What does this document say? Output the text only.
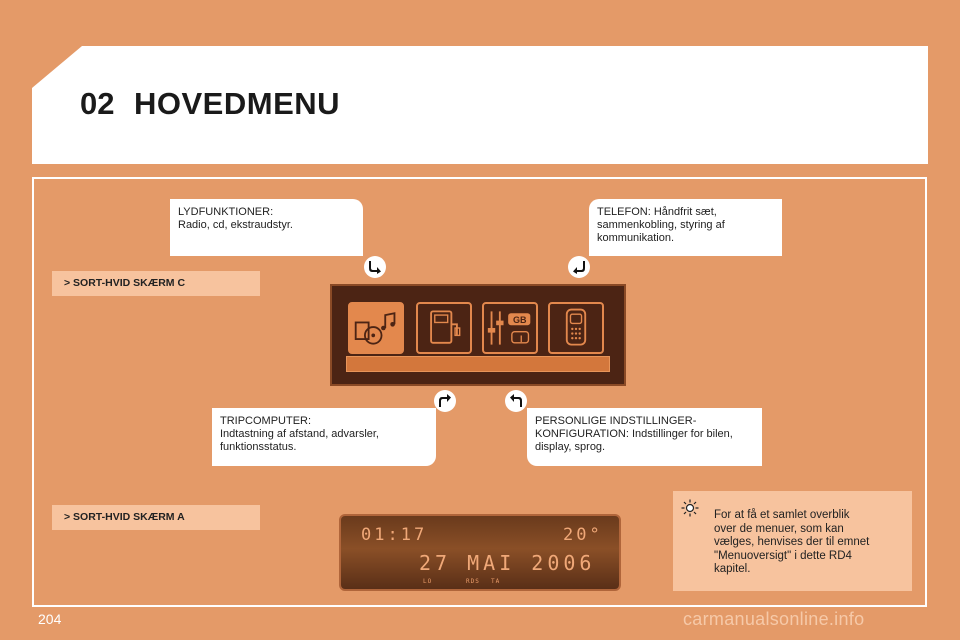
02 HOVEDMENU
LYDFUNKTIONER:
Radio, cd, ekstraudstyr.
TELEFON: Håndfrit sæt,
sammenkobling, styring af
kommunikation.
TRIPCOMPUTER:
Indtastning af afstand, advarsler,
funktionsstatus.
PERSONLIGE INDSTILLINGER-
KONFIGURATION: Indstillinger for bilen,
display, sprog.
> SORT-HVID SKÆRM C
> SORT-HVID SKÆRM A
GB
I
01:17	20°
27 MAI 2006
LO	RDS TA
For at få et samlet overblik
over de menuer, som kan
vælges, henvises der til emnet
"Menuoversigt" i dette RD4
kapitel.
204	carmanualsonline.info
